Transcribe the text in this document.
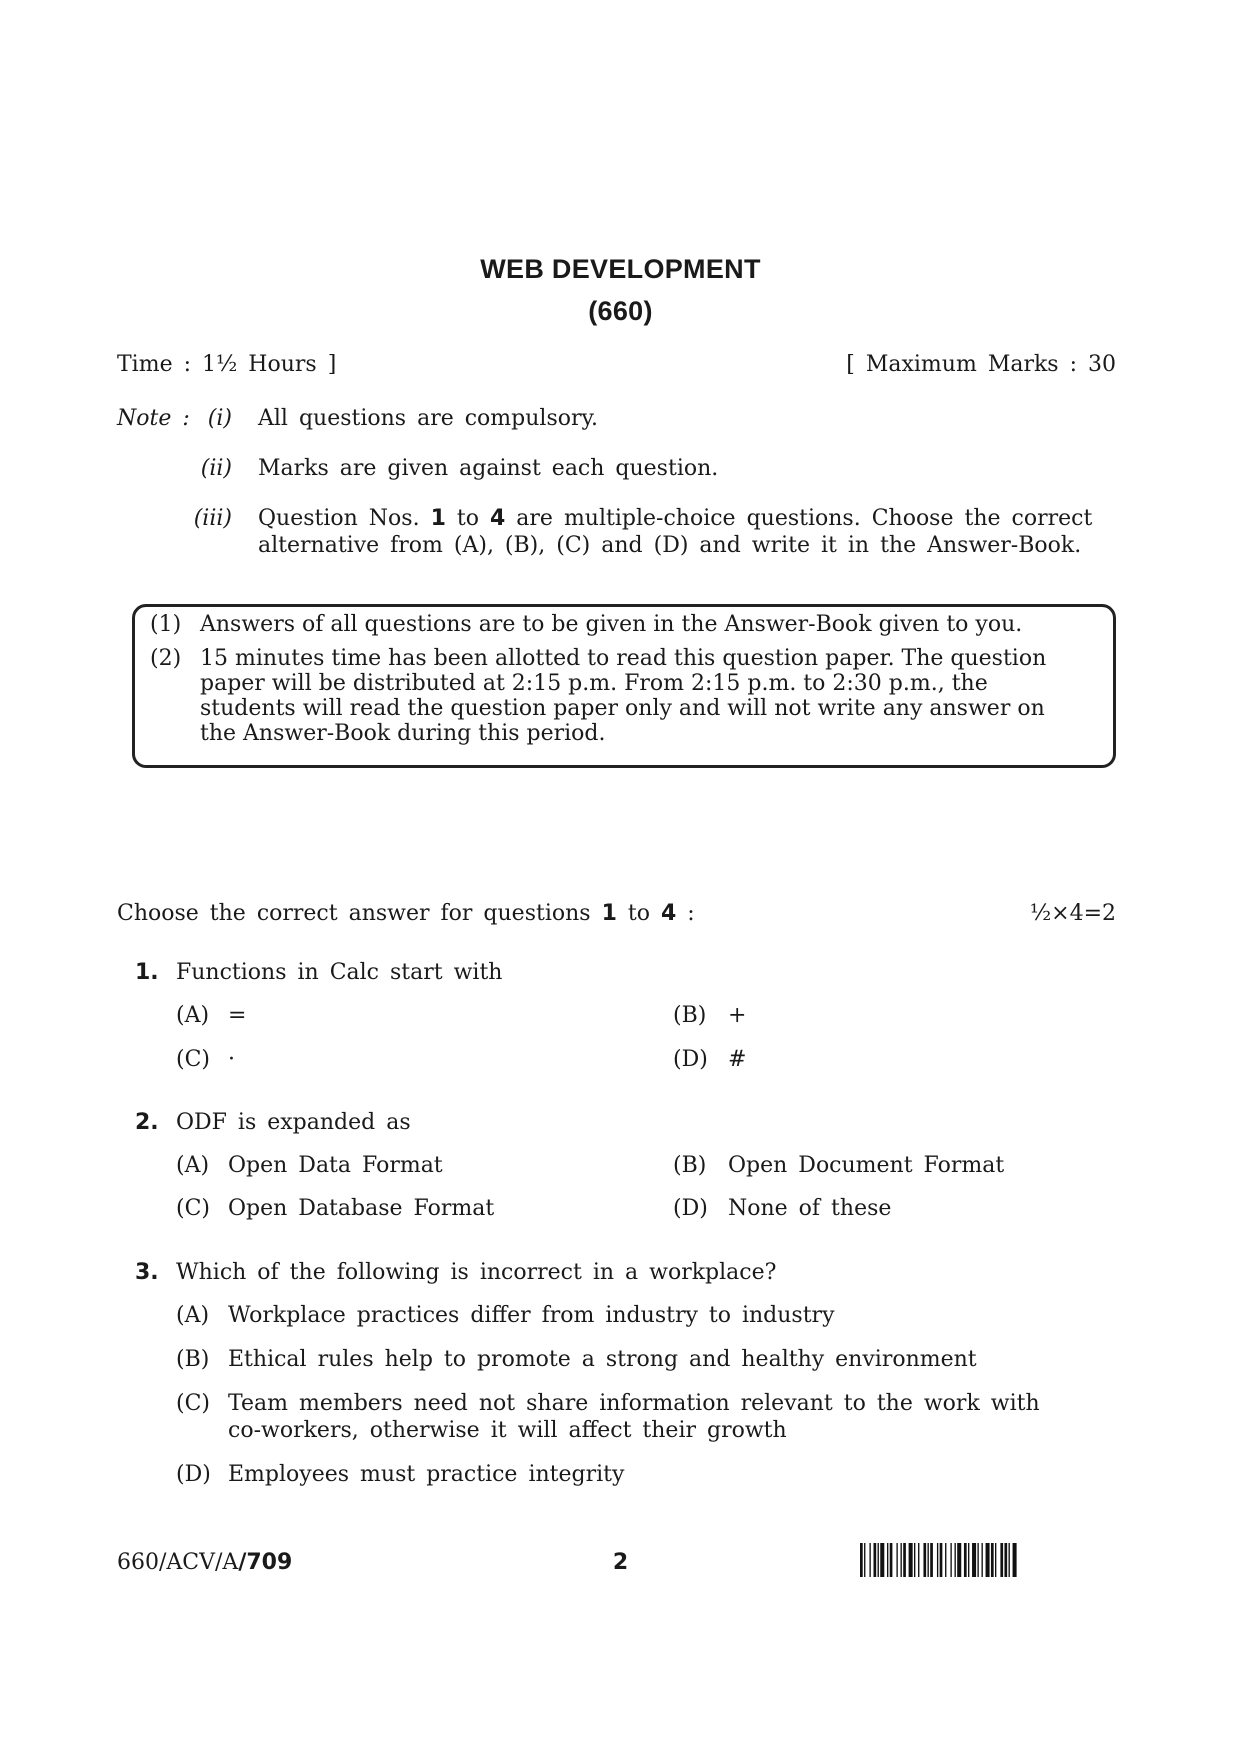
WEB DEVELOPMENT
(660)
Time : 1½ Hours ]	[ Maximum Marks : 30
Note : (i) All questions are compulsory.
(ii) Marks are given against each question.
(iii) Question Nos. 1 to 4 are multiple-choice questions. Choose the correct
alternative from (A), (B), (C) and (D) and write it in the Answer-Book.
(1) Answers of all questions are to be given in the Answer-Book given to you.
(2) 15 minutes time has been allotted to read this question paper. The question
paper will be distributed at 2:15 p.m. From 2:15 p.m. to 2:30 p.m., the
students will read the question paper only and will not write any answer on
the Answer-Book during this period.
Choose the correct answer for questions 1 to 4 :	½×4=2
1. Functions in Calc start with
(A) =	(B) +
(C) ·	(D) #
2. ODF is expanded as
(A) Open Data Format	(B) Open Document Format
(C) Open Database Format	(D) None of these
3. Which of the following is incorrect in a workplace?
(A) Workplace practices differ from industry to industry
(B) Ethical rules help to promote a strong and healthy environment
(C) Team members need not share information relevant to the work with
co-workers, otherwise it will affect their growth
(D) Employees must practice integrity
660/ACV/A/709	2
